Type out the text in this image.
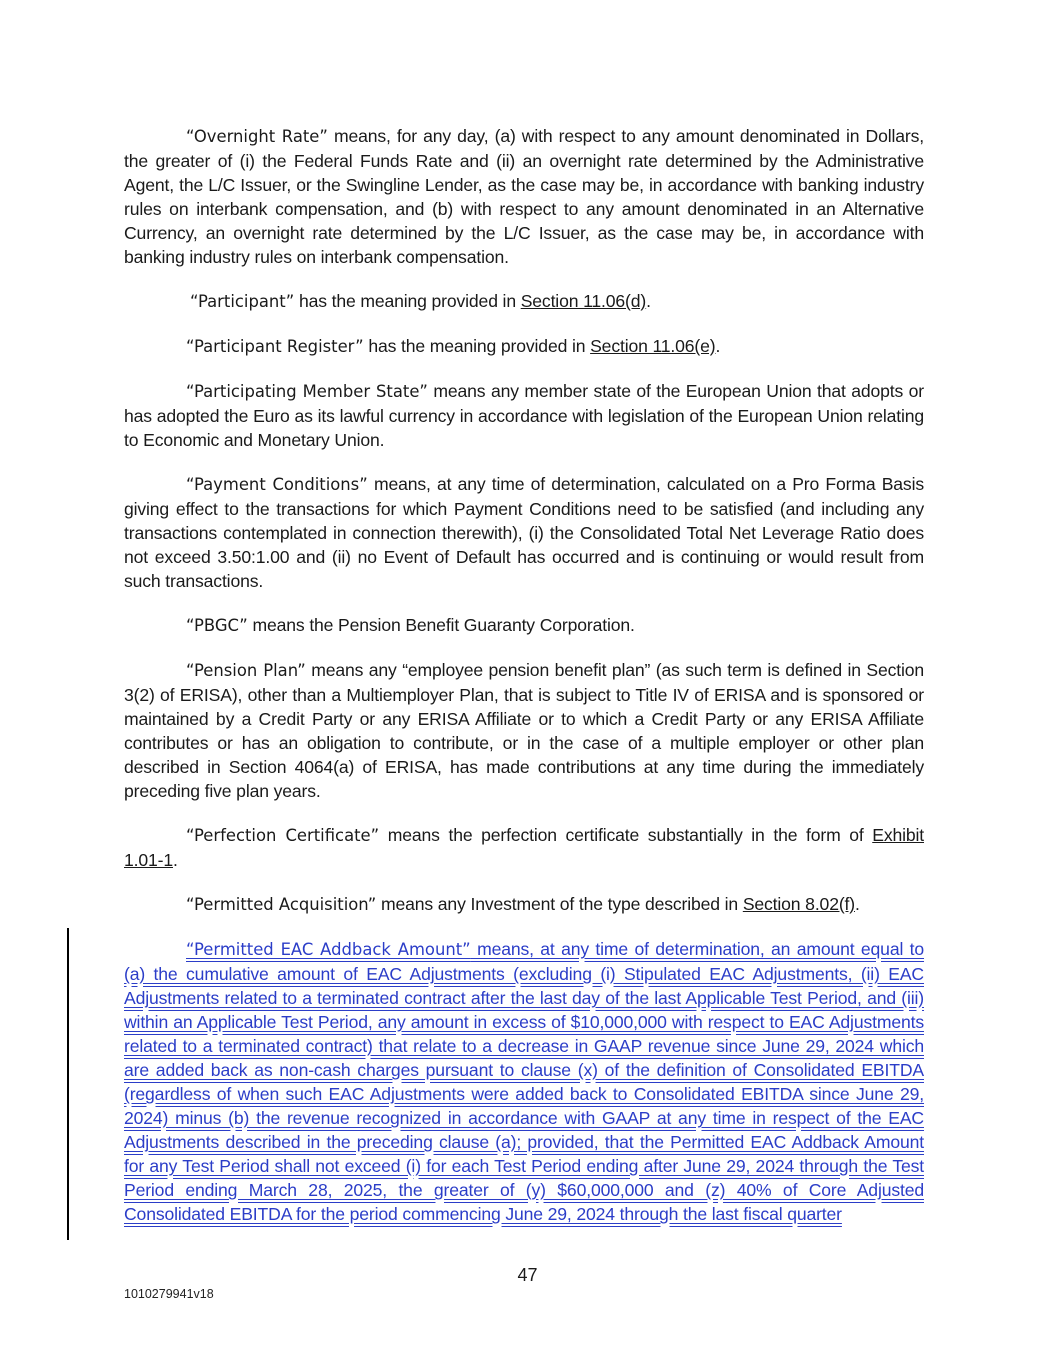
“Overnight Rate” means, for any day, (a) with respect to any amount denominated in Dollars, the greater of (i) the Federal Funds Rate and (ii) an overnight rate determined by the Administrative Agent, the L/C Issuer, or the Swingline Lender, as the case may be, in accordance with banking industry rules on interbank compensation, and (b) with respect to any amount denominated in an Alternative Currency, an overnight rate determined by the L/C Issuer, as the case may be, in accordance with banking industry rules on interbank compensation.

“Participant” has the meaning provided in Section 11.06(d).

“Participant Register” has the meaning provided in Section 11.06(e).

“Participating Member State” means any member state of the European Union that adopts or has adopted the Euro as its lawful currency in accordance with legislation of the European Union relating to Economic and Monetary Union.

“Payment Conditions” means, at any time of determination, calculated on a Pro Forma Basis giving effect to the transactions for which Payment Conditions need to be satisfied (and including any transactions contemplated in connection therewith), (i) the Consolidated Total Net Leverage Ratio does not exceed 3.50:1.00 and (ii) no Event of Default has occurred and is continuing or would result from such transactions.

“PBGC” means the Pension Benefit Guaranty Corporation.

“Pension Plan” means any “employee pension benefit plan” (as such term is defined in Section 3(2) of ERISA), other than a Multiemployer Plan, that is subject to Title IV of ERISA and is sponsored or maintained by a Credit Party or any ERISA Affiliate or to which a Credit Party or any ERISA Affiliate contributes or has an obligation to contribute, or in the case of a multiple employer or other plan described in Section 4064(a) of ERISA, has made contributions at any time during the immediately preceding five plan years.

“Perfection Certificate” means the perfection certificate substantially in the form of Exhibit 1.01-1.

“Permitted Acquisition” means any Investment of the type described in Section 8.02(f).

“Permitted EAC Addback Amount” means, at any time of determination, an amount equal to (a) the cumulative amount of EAC Adjustments (excluding (i) Stipulated EAC Adjustments, (ii) EAC Adjustments related to a terminated contract after the last day of the last Applicable Test Period, and (iii) within an Applicable Test Period, any amount in excess of $10,000,000 with respect to EAC Adjustments related to a terminated contract) that relate to a decrease in GAAP revenue since June 29, 2024 which are added back as non-cash charges pursuant to clause (x) of the definition of Consolidated EBITDA (regardless of when such EAC Adjustments were added back to Consolidated EBITDA since June 29, 2024) minus (b) the revenue recognized in accordance with GAAP at any time in respect of the EAC Adjustments described in the preceding clause (a); provided, that the Permitted EAC Addback Amount for any Test Period shall not exceed (i) for each Test Period ending after June 29, 2024 through the Test Period ending March 28, 2025, the greater of (y) $60,000,000 and (z) 40% of Core Adjusted Consolidated EBITDA for the period commencing June 29, 2024 through the last fiscal quarter

47
1010279941v18
